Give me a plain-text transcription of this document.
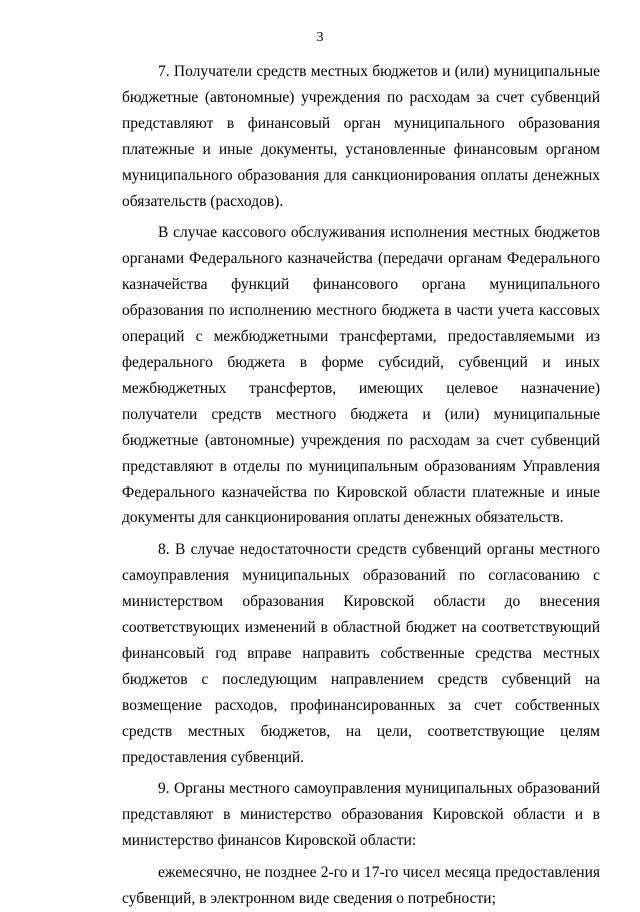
3

7. Получатели средств местных бюджетов и (или) муниципальные бюджетные (автономные) учреждения по расходам за счет субвенций представляют в финансовый орган муниципального образования платежные и иные документы, установленные финансовым органом муниципального образования для санкционирования оплаты денежных обязательств (расходов).

В случае кассового обслуживания исполнения местных бюджетов органами Федерального казначейства (передачи органам Федерального казначейства функций финансового органа муниципального образования по исполнению местного бюджета в части учета кассовых операций с межбюджетными трансфертами, предоставляемыми из федерального бюджета в форме субсидий, субвенций и иных межбюджетных трансфертов, имеющих целевое назначение) получатели средств местного бюджета и (или) муниципальные бюджетные (автономные) учреждения по расходам за счет субвенций представляют в отделы по муниципальным образованиям Управления Федерального казначейства по Кировской области платежные и иные документы для санкционирования оплаты денежных обязательств.

8. В случае недостаточности средств субвенций органы местного самоуправления муниципальных образований по согласованию с министерством образования Кировской области до внесения соответствующих изменений в областной бюджет на соответствующий финансовый год вправе направить собственные средства местных бюджетов с последующим направлением средств субвенций на возмещение расходов, профинансированных за счет собственных средств местных бюджетов, на цели, соответствующие целям предоставления субвенций.

9. Органы местного самоуправления муниципальных образований представляют в министерство образования Кировской области и в министерство финансов Кировской области:

ежемесячно, не позднее 2-го и 17-го чисел месяца предоставления субвенций, в электронном виде сведения о потребности;
